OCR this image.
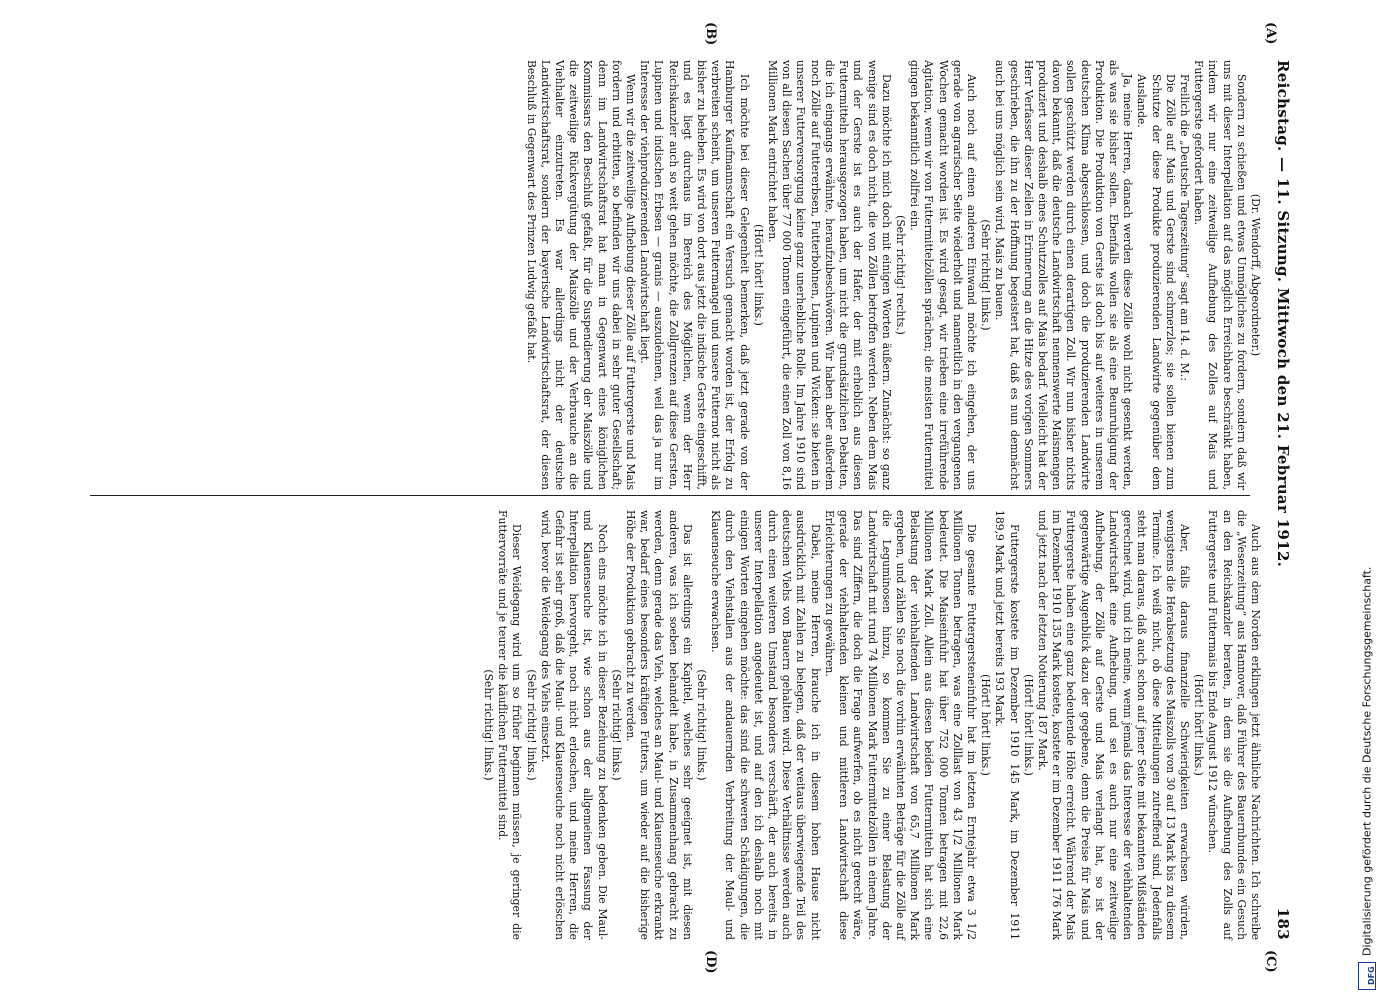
Reichstag. — 11. Sitzung. Mittwoch den 21. Februar 1912.
183
(A)
(B)
(C)
(D)

(Dr. Wendorff, Abgeordneter.)

Sondern zu schießen und etwas Unmögliches zu fordern, sondern daß wir uns mit dieser Interpellation auf das möglich Erreichbare beschränkt haben, indem wir nur eine zeitweilige Aufhebung des Zolles auf Mais und Futtergerste gefordert haben.

Freilich die „Deutsche Tageszeitung“ sagt am 14. d. M.:

Die Zölle auf Mais und Gerste sind schmerzlos; sie sollen bienen zum Schutze der diese Produkte produzierenden Landwirte gegenüber dem Auslande.

Ja, meine Herren, danach werden diese Zölle wohl nicht gesenkt werden, als was sie bisher sollen. Ebenfalls wollen sie als eine Beunruhigung der Produktion. Die Produktion von Gerste ist doch bis auf weiteres in unserem deutschen Klima abgeschlossen, und doch die produzierenden Landwirte sollen geschützt werden durch einen derartigen Zoll. Wir nun bisher nichts davon bekannt, daß die deutsche Landwirtschaft nennenswerte Maismengen produziert und deshalb eines Schutzzolles auf Mais bedarf. Vielleicht hat der Herr Verfasser dieser Zeilen in Erinnerung an die Hitze des vorigen Sommers geschrieben, die ihn zu der Hoffnung begeistert hat, daß es nun demnächst auch bei uns möglich sein wird, Mais zu bauen.

(Sehr richtig! links.)

Auch noch auf einen anderen Einwand möchte ich eingehen, der uns gerade von agrarischer Seite wiederholt und namentlich in den vergangenen Wochen gemacht worden ist. Es wird gesagt, wir trieben eine irreführende Agitation, wenn wir von Futtermittelzöllen sprächen; die meisten Futtermittel gingen bekanntlich zollfrei ein.

(Sehr richtig! rechts.)

Dazu möchte ich mich doch mit einigen Worten äußern. Zunächst: so ganz wenige sind es doch nicht, die von Zöllen betroffen werden. Neben dem Mais und der Gerste ist es auch der Hafer, der mit erheblich aus diesen Futtermitteln herausgezogen haben, um nicht die grundsätzlichen Debatten, die ich eingangs erwähnte, heraufzubeschwören. Wir haben aber außerdem noch Zölle auf Futtererbsen, Futterbohnen, Lupinen und Wicken: sie bieten in unserer Futterversorgung keine ganz unerhebliche Rolle. Im Jahre 1910 sind von all diesen Sachen über 77 000 Tonnen eingeführt, die einen Zoll von 8,16 Millionen Mark entrichtet haben.

(Hört! hört! links.)

Ich möchte bei dieser Gelegenheit bemerken, daß jetzt gerade von der Hamburger Kaufmannschaft ein Versuch gemacht worden ist, der Erfolg zu verbreiten scheint, um unseren Futtermangel und unsere Futternot nicht als bisher zu beheben. Es wird von dort aus jetzt die indische Gerste eingeschifft, und es liegt durchaus im Bereich des Möglichen, wenn der Herr Reichskanzler auch so weit gehen möchte, die Zollgrenzen auf diese Gersten, Lupinen und indischen Erbsen — granis — auszudehnen, weil das ja nur im Interesse der viehproduzierenden Landwirtschaft liegt.

Wenn wir die zeitweilige Aufhebung dieser Zölle auf Futtergerste und Mais fordern und erbitten, so befinden wir uns dabei in sehr guter Gesellschaft; denn im Landwirtschaftsrat hat man in Gegenwart eines königlichen Kommissars den Beschluß gefaßt, für die Suspendierung der Maiszölle und die zeitweilige Rückvergütung der Maiszölle und der Verbrauche an die Viehhalter einzutreten. Es war allerdings nicht der deutsche Landwirtschaftsrat, sondern der bayerische Landwirtschaftsrat, der diesen Beschluß in Gegenwart des Prinzen Ludwig gefaßt hat.

Auch aus dem Norden erklingen jetzt ähnliche Nachrichten. Ich schreibe die „Weserzeitung“ aus Hannover, daß Führer des Bauernbundes ein Gesuch an den Reichskanzler beraten, in dem sie die Aufhebung des Zolls auf Futtergerste und Futtermais bis Ende August 1912 wünschen.

(Hört! hört! links.)

Aber, falls daraus finanzielle Schwierigkeiten erwachsen würden, wenigstens die Herabsetzung des Maiszolls von 30 auf 13 Mark bis zu diesem Termine. Ich weiß nicht, ob diese Mitteilungen zutreffend sind. Jedenfalls steht man daraus, daß auch schon auf jener Seite mit bekannten Mißständen gerechnet wird, und ich meine, wenn jemals das Interesse der viehhaltenden Landwirtschaft eine Aufhebung, und sei es auch nur eine zeitweilige Aufhebung, der Zölle auf Gerste und Mais verlangt hat, so ist der gegenwärtige Augenblick dazu der gegebene, denn die Preise für Mais und Futtergerste haben eine ganz bedeutende Höhe erreicht. Während der Mais im Dezember 1910 135 Mark kostete, kostete er im Dezember 1911 176 Mark und jetzt nach der letzten Notierung 187 Mark.

(Hört! hört! links.)

Futtergerste kostete im Dezember 1910 145 Mark, im Dezember 1911 189,9 Mark und jetzt bereits 193 Mark.

(Hört! hört! links.)

Die gesamte Futtergersteneinfuhr hat im letzten Erntejahr etwa 3 1/2 Millionen Tonnen betragen, was eine Zolllast von 43 1/2 Millionen Mark bedeutet. Die Maiseinfuhr hat über 752 000 Tonnen betragen mit 22,6 Millionen Mark Zoll. Allein aus diesen beiden Futtermitteln hat sich eine Belastung der viehhaltenden Landwirtschaft von 65,7 Millionen Mark ergeben, und zählen Sie noch die vorhin erwähnten Beträge für die Zölle auf die Leguminosen hinzu, so kommen Sie zu einer Belastung der Landwirtschaft mit rund 74 Millionen Mark Futtermittelzöllen in einem Jahre. Das sind Ziffern, die doch die Frage aufwerfen, ob es nicht gerecht wäre, gerade der viehhaltenden kleinen und mittleren Landwirtschaft diese Erleichterungen zu gewähren.

Dabei, meine Herren, brauche ich in diesem hohen Hause nicht ausdrücklich mit Zahlen zu belegen, daß der weitaus überwiegende Teil des deutschen Viehs von Bauern gehalten wird. Diese Verhältnisse werden auch durch einen weiteren Umstand besonders verschärft, der auch bereits in unserer Interpellation angedeutet ist, und auf den ich deshalb noch mit einigen Worten eingehen möchte: das sind die schweren Schädigungen, die durch den Viehstallen aus der andauernden Verbreitung der Maul- und Klauenseuche erwachsen.

(Sehr richtig! links.)

Das ist allerdings ein Kapitel, welches sehr geeignet ist, mit diesen anderen, was ich soeben behandelt habe, in Zusammenhang gebracht zu werden, denn gerade das Vieh, welches an Maul- und Klauenseuche erkrankt war, bedarf eines besonders kräftigen Futters, um wieder auf die bisherige Höhe der Produktion gebracht zu werden.

(Sehr richtig! links.)

Noch eins möchte ich in dieser Beziehung zu bedenken geben. Die Maul- und Klauenseuche ist, wie schon aus der allgemeinen Fassung der Interpellation hervorgeht, noch nicht erloschen, und meine Herren, die Gefahr ist sehr groß, daß die Maul- und Klauenseuche noch nicht erlöschen wird, bevor die Weidegang des Viehs einsetzt.

(Sehr richtig! links.)

Dieser Weidegang wird um so früher beginnen müssen, je geringer die Futtervorräte und je teurer die käuflichen Futtermittel sind.

(Sehr richtig! links.)

DFG
Digitalisierung gefördert durch die Deutsche Forschungsgemeinschaft.
